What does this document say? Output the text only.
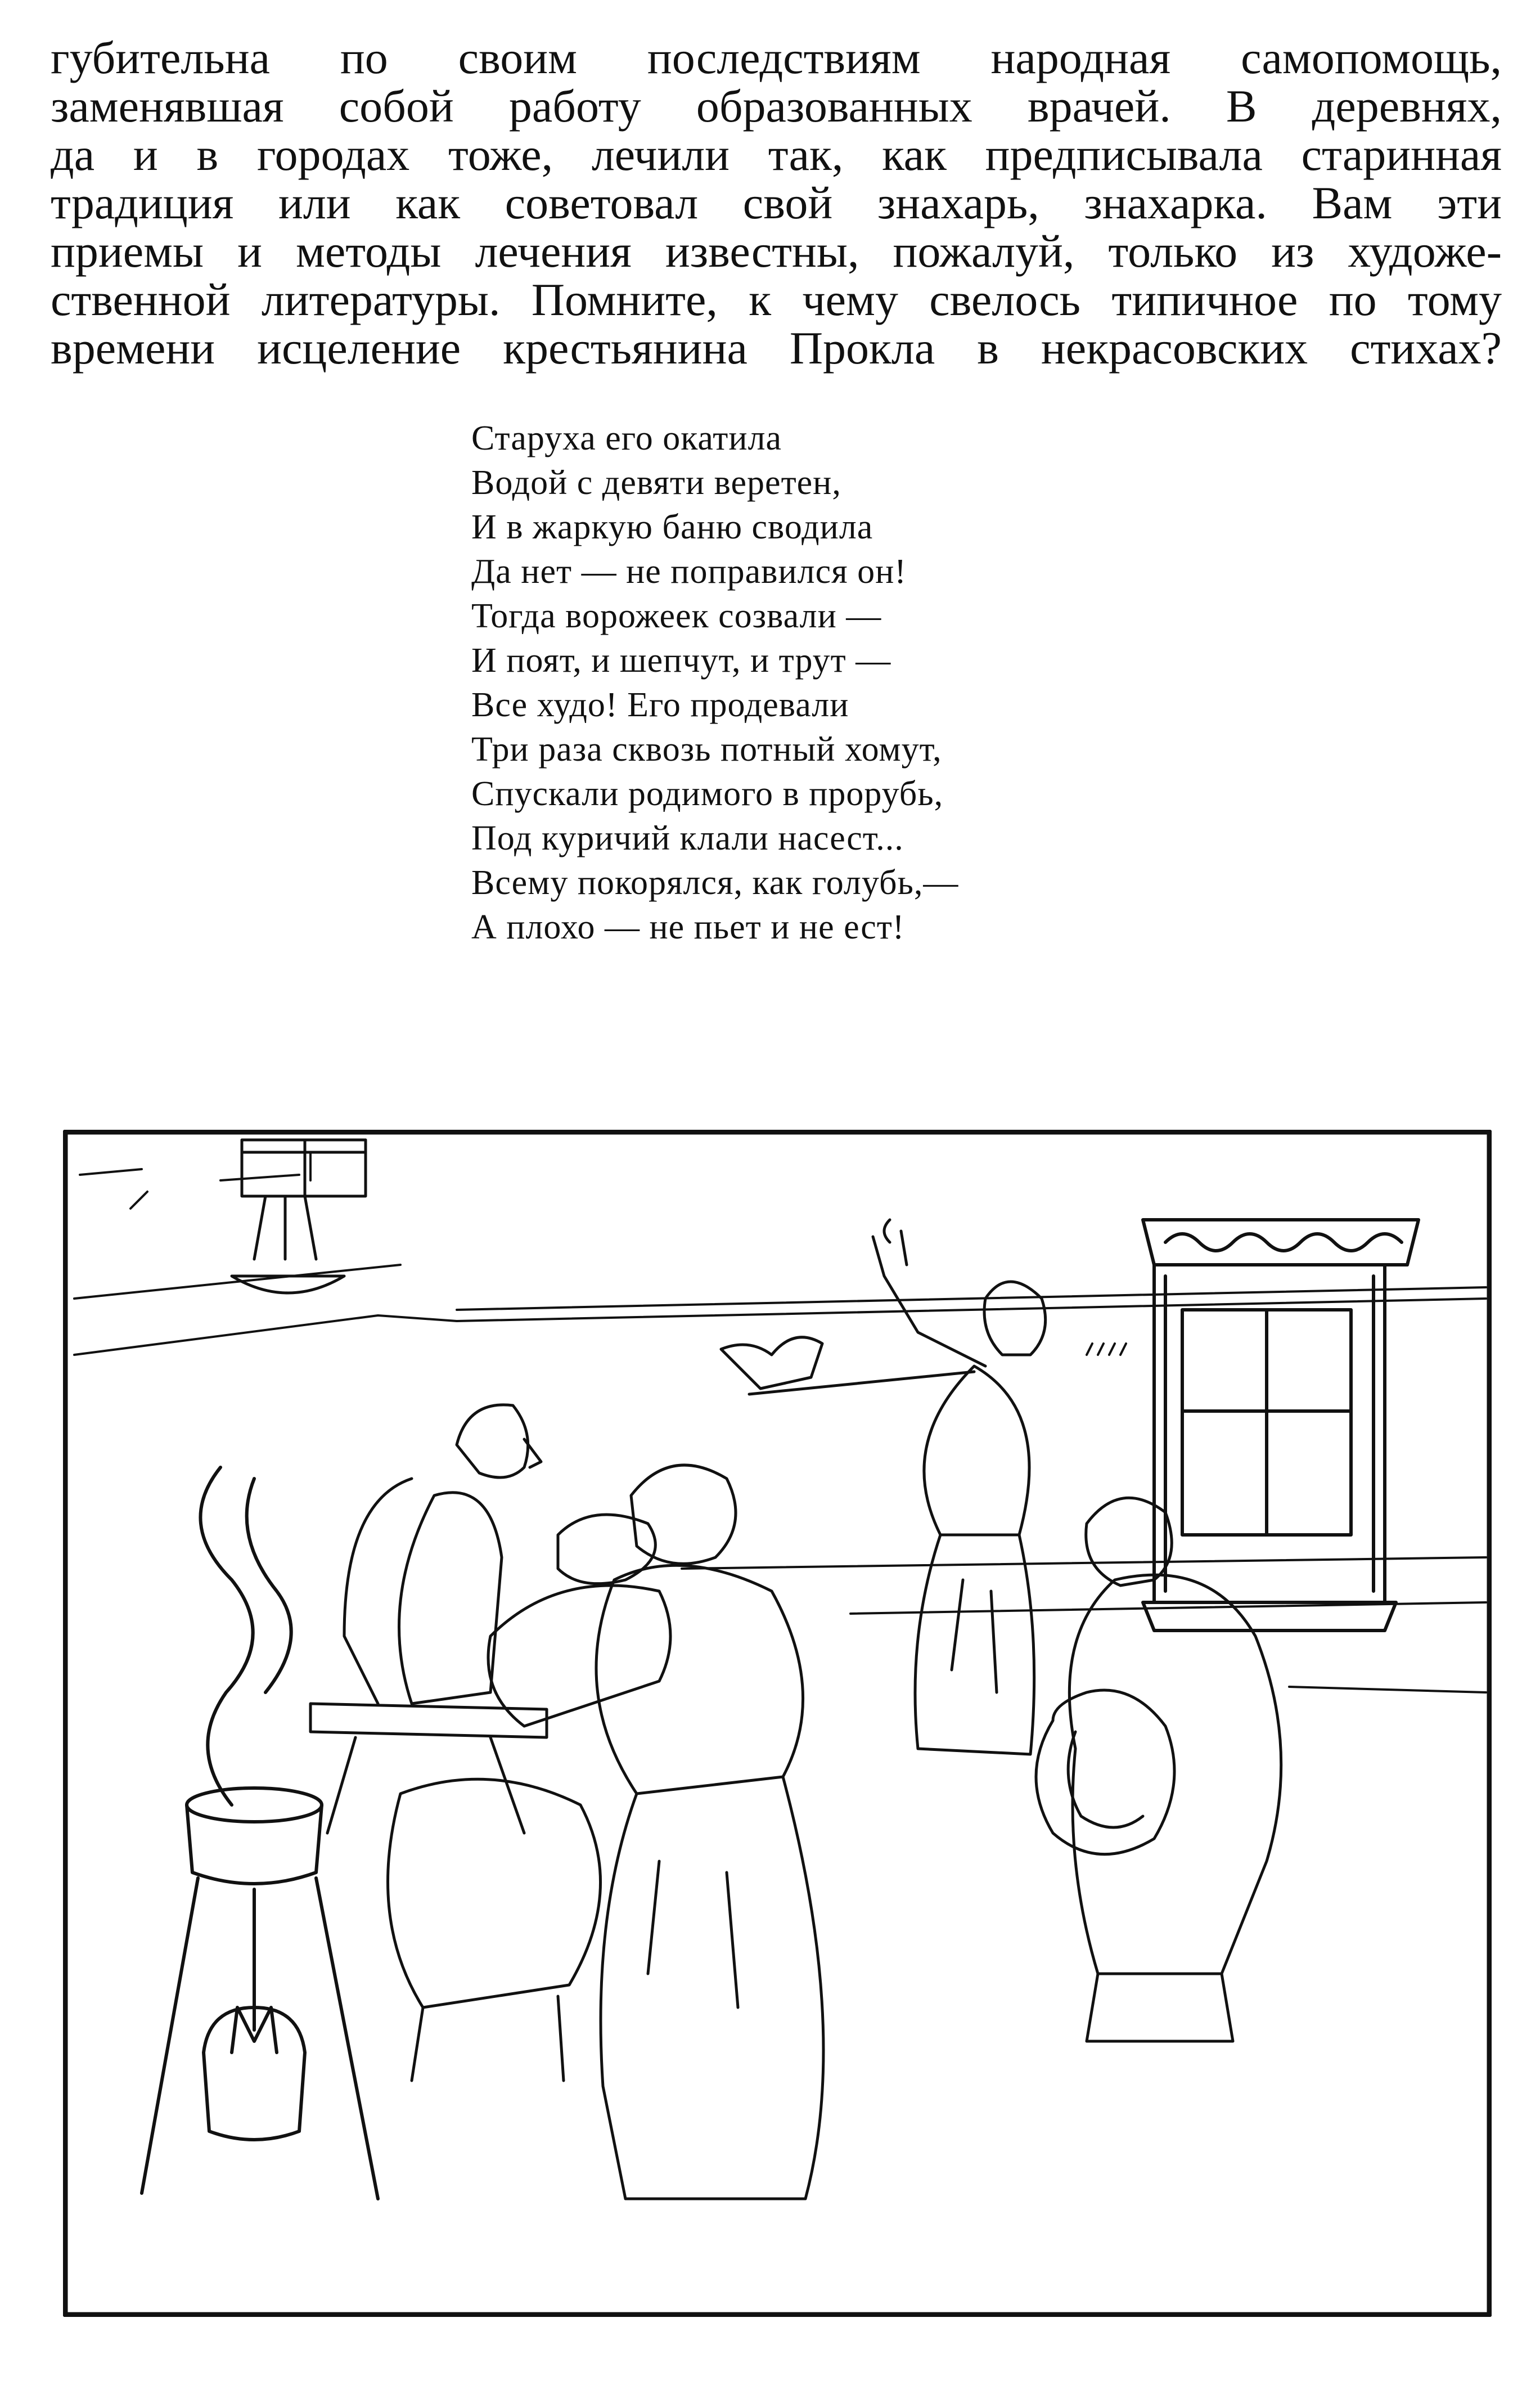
губительна по своим последствиям народная самопомощь,
заменявшая собой работу образованных врачей. В деревнях,
да и в городах тоже, лечили так, как предписывала старинная
традиция или как советовал свой знахарь, знахарка. Вам эти
приемы и методы лечения известны, пожалуй, только из художе-
ственной литературы. Помните, к чему свелось типичное по тому
времени исцеление крестьянина Прокла в некрасовских стихах?
Старуха его окатила
Водой с девяти веретен,
И в жаркую баню сводила
Да нет — не поправился он!
Тогда ворожеек созвали —
И поят, и шепчут, и трут —
Все худо! Его продевали
Три раза сквозь потный хомут,
Спускали родимого в прорубь,
Под куричий клали насест...
Всему покорялся, как голубь,—
А плохо — не пьет и не ест!
